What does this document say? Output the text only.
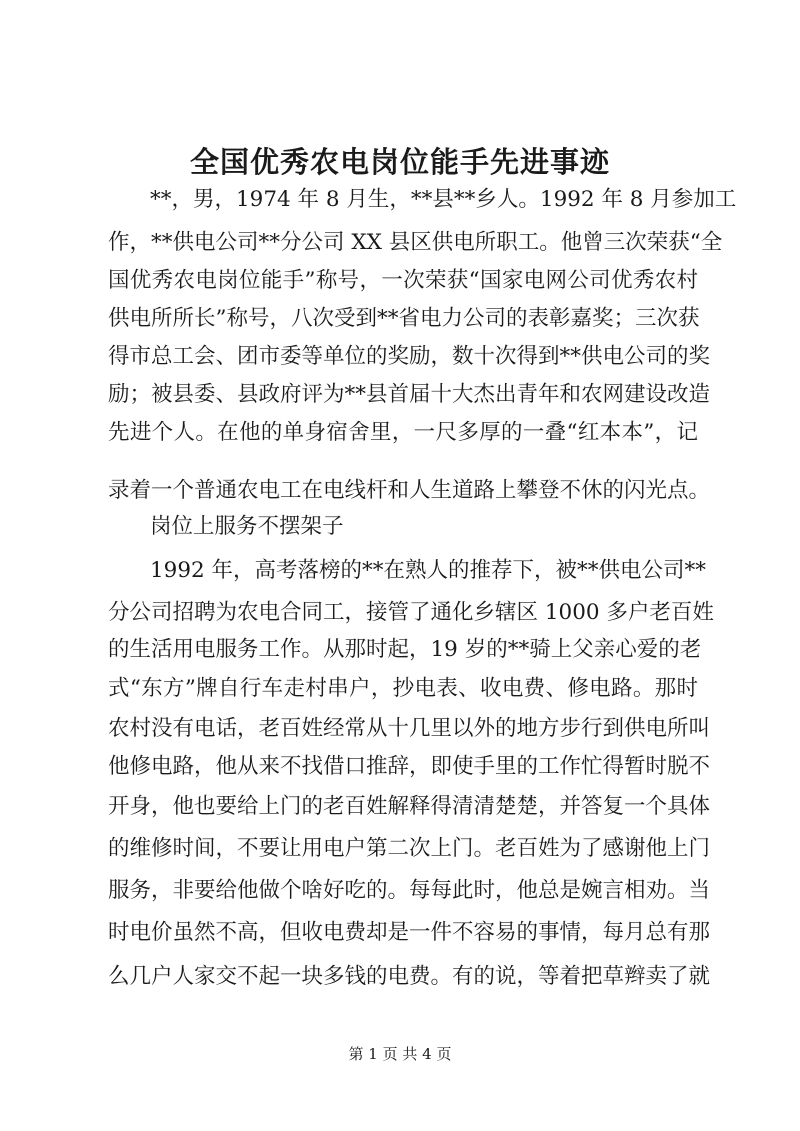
全国优秀农电岗位能手先进事迹
**，男，1974 年 8 月生，**县**乡人。1992 年 8 月参加工
作，**供电公司**分公司 XX 县区供电所职工。他曾三次荣获“全
国优秀农电岗位能手”称号，一次荣获“国家电网公司优秀农村
供电所所长”称号，八次受到**省电力公司的表彰嘉奖；三次获
得市总工会、团市委等单位的奖励，数十次得到**供电公司的奖
励；被县委、县政府评为**县首届十大杰出青年和农网建设改造
先进个人。在他的单身宿舍里，一尺多厚的一叠“红本本”，记
录着一个普通农电工在电线杆和人生道路上攀登不休的闪光点。
岗位上服务不摆架子
1992 年，高考落榜的**在熟人的推荐下，被**供电公司**
分公司招聘为农电合同工，接管了通化乡辖区 1000 多户老百姓
的生活用电服务工作。从那时起，19 岁的**骑上父亲心爱的老
式“东方”牌自行车走村串户，抄电表、收电费、修电路。那时
农村没有电话，老百姓经常从十几里以外的地方步行到供电所叫
他修电路，他从来不找借口推辞，即使手里的工作忙得暂时脱不
开身，他也要给上门的老百姓解释得清清楚楚，并答复一个具体
的维修时间，不要让用电户第二次上门。老百姓为了感谢他上门
服务，非要给他做个啥好吃的。每每此时，他总是婉言相劝。当
时电价虽然不高，但收电费却是一件不容易的事情，每月总有那
么几户人家交不起一块多钱的电费。有的说，等着把草辫卖了就
第 1 页 共 4 页
